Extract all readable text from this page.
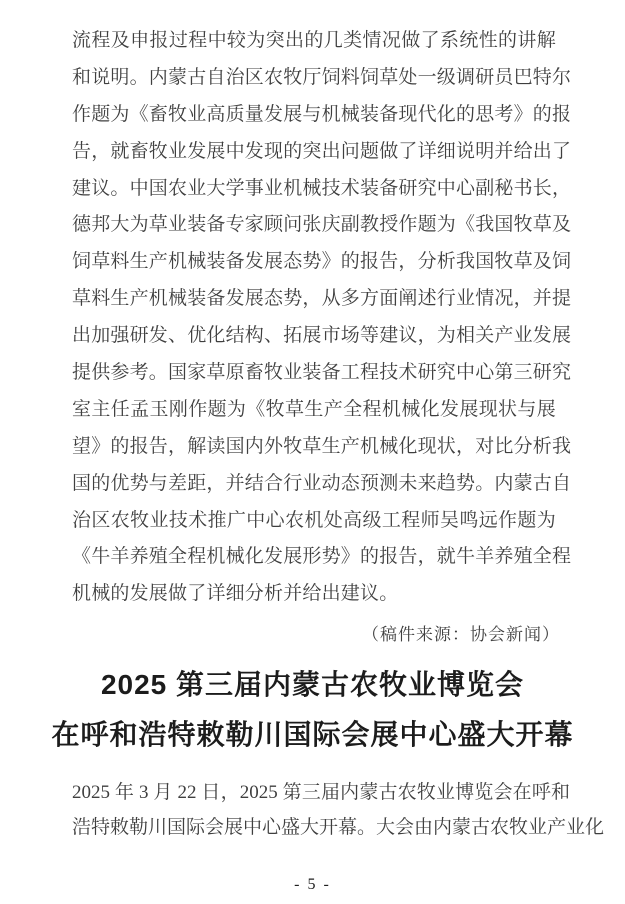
流程及申报过程中较为突出的几类情况做了系统性的讲解
和说明。内蒙古自治区农牧厅饲料饲草处一级调研员巴特尔
作题为《畜牧业高质量发展与机械装备现代化的思考》的报
告，就畜牧业发展中发现的突出问题做了详细说明并给出了
建议。中国农业大学事业机械技术装备研究中心副秘书长，
德邦大为草业装备专家顾问张庆副教授作题为《我国牧草及
饲草料生产机械装备发展态势》的报告，分析我国牧草及饲
草料生产机械装备发展态势，从多方面阐述行业情况，并提
出加强研发、优化结构、拓展市场等建议，为相关产业发展
提供参考。国家草原畜牧业装备工程技术研究中心第三研究
室主任孟玉刚作题为《牧草生产全程机械化发展现状与展
望》的报告，解读国内外牧草生产机械化现状，对比分析我
国的优势与差距，并结合行业动态预测未来趋势。内蒙古自
治区农牧业技术推广中心农机处高级工程师吴鸣远作题为
《牛羊养殖全程机械化发展形势》的报告，就牛羊养殖全程
机械的发展做了详细分析并给出建议。
（稿件来源：协会新闻）
2025 第三届内蒙古农牧业博览会
在呼和浩特敕勒川国际会展中心盛大开幕
2025 年 3 月 22 日，2025 第三届内蒙古农牧业博览会在呼和
浩特敕勒川国际会展中心盛大开幕。大会由内蒙古农牧业产业化
- 5 -
